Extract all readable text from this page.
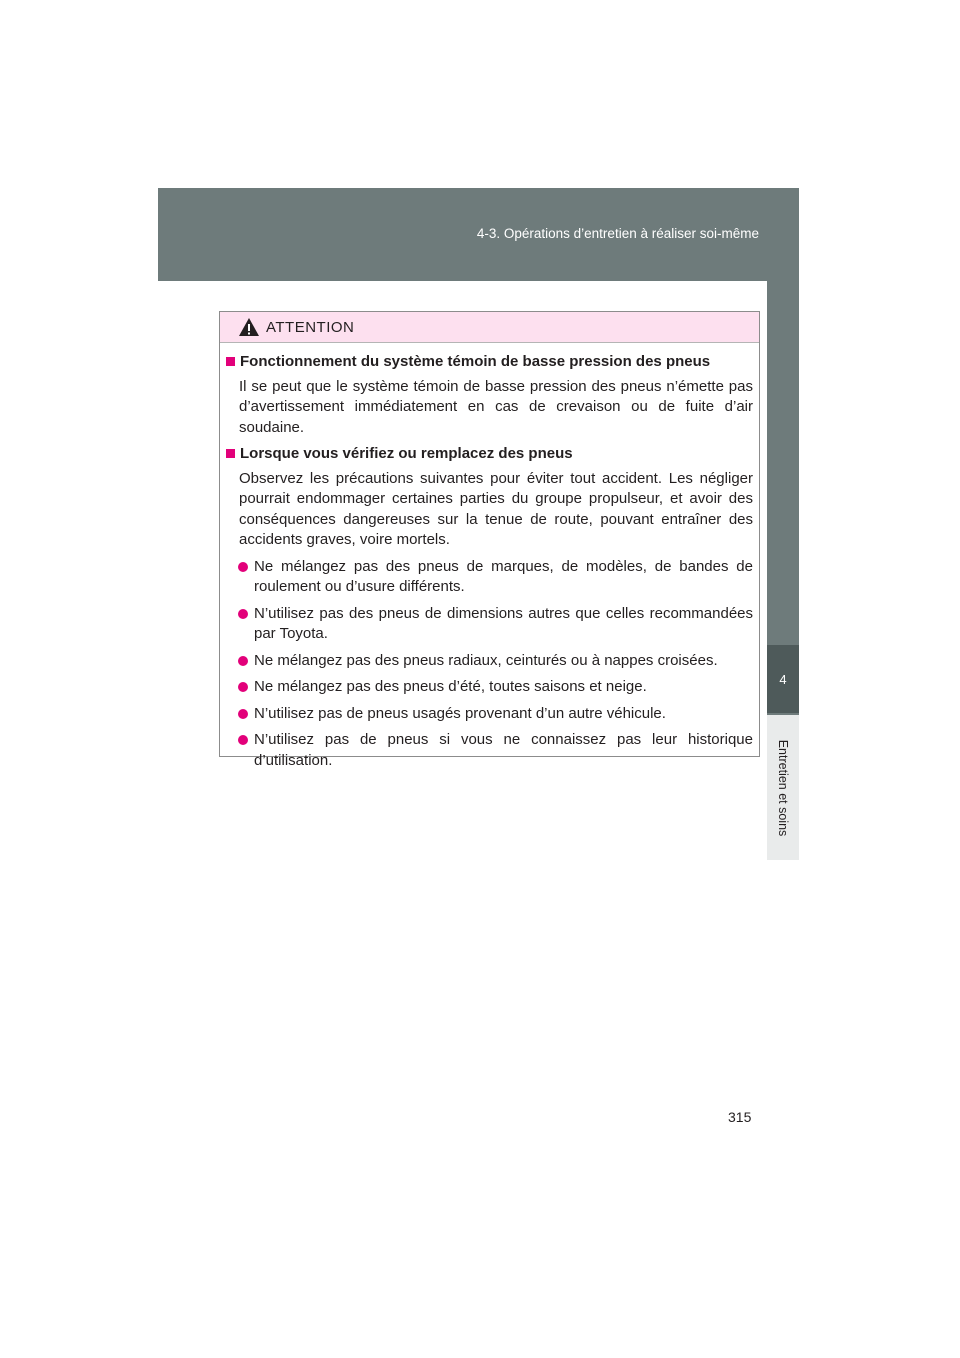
4-3. Opérations d’entretien à réaliser soi-même
4
Entretien et soins
ATTENTION
Fonctionnement du système témoin de basse pression des pneus

Il se peut que le système témoin de basse pression des pneus n’émette pas d’avertissement immédiatement en cas de crevaison ou de fuite d’air soudaine.

Lorsque vous vérifiez ou remplacez des pneus

Observez les précautions suivantes pour éviter tout accident. Les négliger pourrait endommager certaines parties du groupe propulseur, et avoir des conséquences dangereuses sur la tenue de route, pouvant entraîner des accidents graves, voire mortels.

Ne mélangez pas des pneus de marques, de modèles, de bandes de roulement ou d’usure différents.
N’utilisez pas des pneus de dimensions autres que celles recommandées par Toyota.
Ne mélangez pas des pneus radiaux, ceinturés ou à nappes croisées.
Ne mélangez pas des pneus d’été, toutes saisons et neige.
N’utilisez pas de pneus usagés provenant d’un autre véhicule.
N’utilisez pas de pneus si vous ne connaissez pas leur historique d’utilisation.
315
